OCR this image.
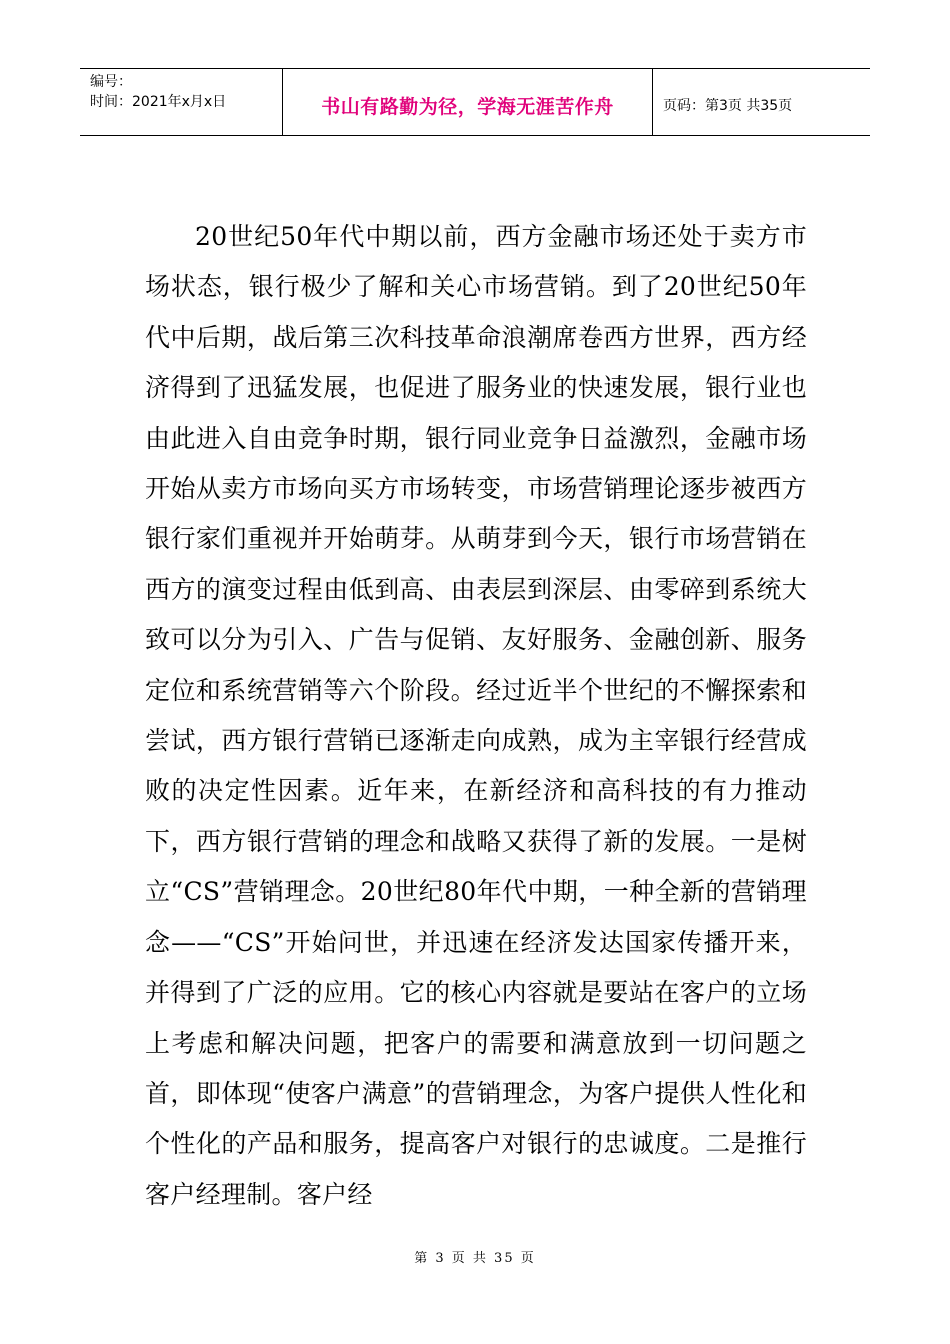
编号：
时间：2021年x月x日	书山有路勤为径，学海无涯苦作舟	页码：第3页 共35页

20世纪50年代中期以前，西方金融市场还处于卖方市场状态，银行极少了解和关心市场营销。到了20世纪50年代中后期，战后第三次科技革命浪潮席卷西方世界，西方经济得到了迅猛发展，也促进了服务业的快速发展，银行业也由此进入自由竞争时期，银行同业竞争日益激烈，金融市场开始从卖方市场向买方市场转变，市场营销理论逐步被西方银行家们重视并开始萌芽。从萌芽到今天，银行市场营销在西方的演变过程由低到高、由表层到深层、由零碎到系统大致可以分为引入、广告与促销、友好服务、金融创新、服务定位和系统营销等六个阶段。经过近半个世纪的不懈探索和尝试，西方银行营销已逐渐走向成熟，成为主宰银行经营成败的决定性因素。近年来，在新经济和高科技的有力推动下，西方银行营销的理念和战略又获得了新的发展。一是树立“CS”营销理念。20世纪80年代中期，一种全新的营销理念——“CS”开始问世，并迅速在经济发达国家传播开来，并得到了广泛的应用。它的核心内容就是要站在客户的立场上考虑和解决问题，把客户的需要和满意放到一切问题之首，即体现“使客户满意”的营销理念，为客户提供人性化和个性化的产品和服务，提高客户对银行的忠诚度。二是推行客户经理制。客户经

第 3 页 共 35 页
